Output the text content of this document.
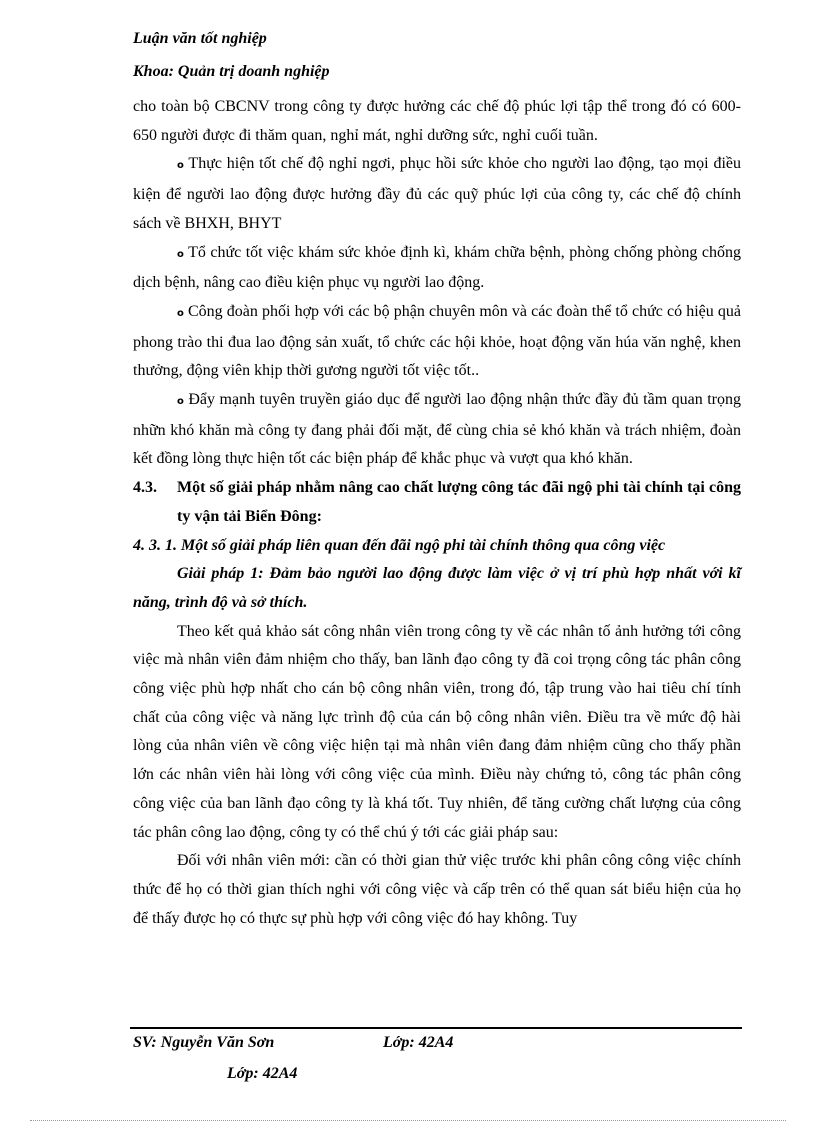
Luận văn tốt nghiệp
Khoa: Quản trị doanh nghiệp

cho toàn bộ CBCNV trong công ty được hưởng các chế độ phúc lợi tập thể trong đó có 600-650 người được đi thăm quan, nghỉ mát, nghỉ dưỡng sức, nghỉ cuối tuần.

o Thực hiện tốt chế độ nghỉ ngơi, phục hồi sức khỏe cho người lao động, tạo mọi điều kiện để người lao động được hưởng đầy đủ các quỹ phúc lợi của công ty, các chế độ chính sách về BHXH, BHYT

o Tổ chức tốt việc khám sức khỏe định kì, khám chữa bệnh, phòng chống phòng chống dịch bệnh, nâng cao điều kiện phục vụ người lao động.

o Công đoàn phối hợp với các bộ phận chuyên môn và các đoàn thể tổ chức có hiệu quả phong trào thi đua lao động sản xuất, tổ chức các hội khỏe, hoạt động văn húa văn nghệ, khen thưởng, động viên khịp thời gương người tốt việc tốt..

o Đẩy mạnh tuyên truyền giáo dục để người lao động nhận thức đầy đủ tầm quan trọng nhữn khó khăn mà công ty đang phải đối mặt, để cùng chia sẻ khó khăn và trách nhiệm, đoàn kết đồng lòng thực hiện tốt các biện pháp để khắc phục và vượt qua khó khăn.

4.3.	Một số giải pháp nhằm nâng cao chất lượng công tác đãi ngộ phi tài chính tại công ty vận tải Biển Đông:

4. 3. 1. Một số giải pháp liên quan đến đãi ngộ phi tài chính thông qua công việc

Giải pháp 1: Đảm bảo người lao động được làm việc ở vị trí phù hợp nhất với kĩ năng, trình độ và sở thích.

Theo kết quả khảo sát công nhân viên trong công ty về các nhân tố ảnh hưởng tới công việc mà nhân viên đảm nhiệm cho thấy, ban lãnh đạo công ty đã coi trọng công tác phân công công việc phù hợp nhất cho cán bộ công nhân viên, trong đó, tập trung vào hai tiêu chí tính chất của công việc và năng lực trình độ của cán bộ công nhân viên. Điều tra về mức độ hài lòng của nhân viên về công việc hiện tại mà nhân viên đang đảm nhiệm cũng cho thấy phần lớn các nhân viên hài lòng với công việc của mình. Điều này chứng tỏ, công tác phân công công việc của ban lãnh đạo công ty là khá tốt. Tuy nhiên, để tăng cường chất lượng của công tác phân công lao động, công ty có thể chú ý tới các giải pháp sau:

Đối với nhân viên mới: cần có thời gian thử việc trước khi phân công công việc chính thức để họ có thời gian thích nghi với công việc và cấp trên có thể quan sát biểu hiện của họ để thấy được họ có thực sự phù hợp với công việc đó hay không. Tuy

SV: Nguyễn Văn Sơn	Lớp: 42A4
Lớp: 42A4
